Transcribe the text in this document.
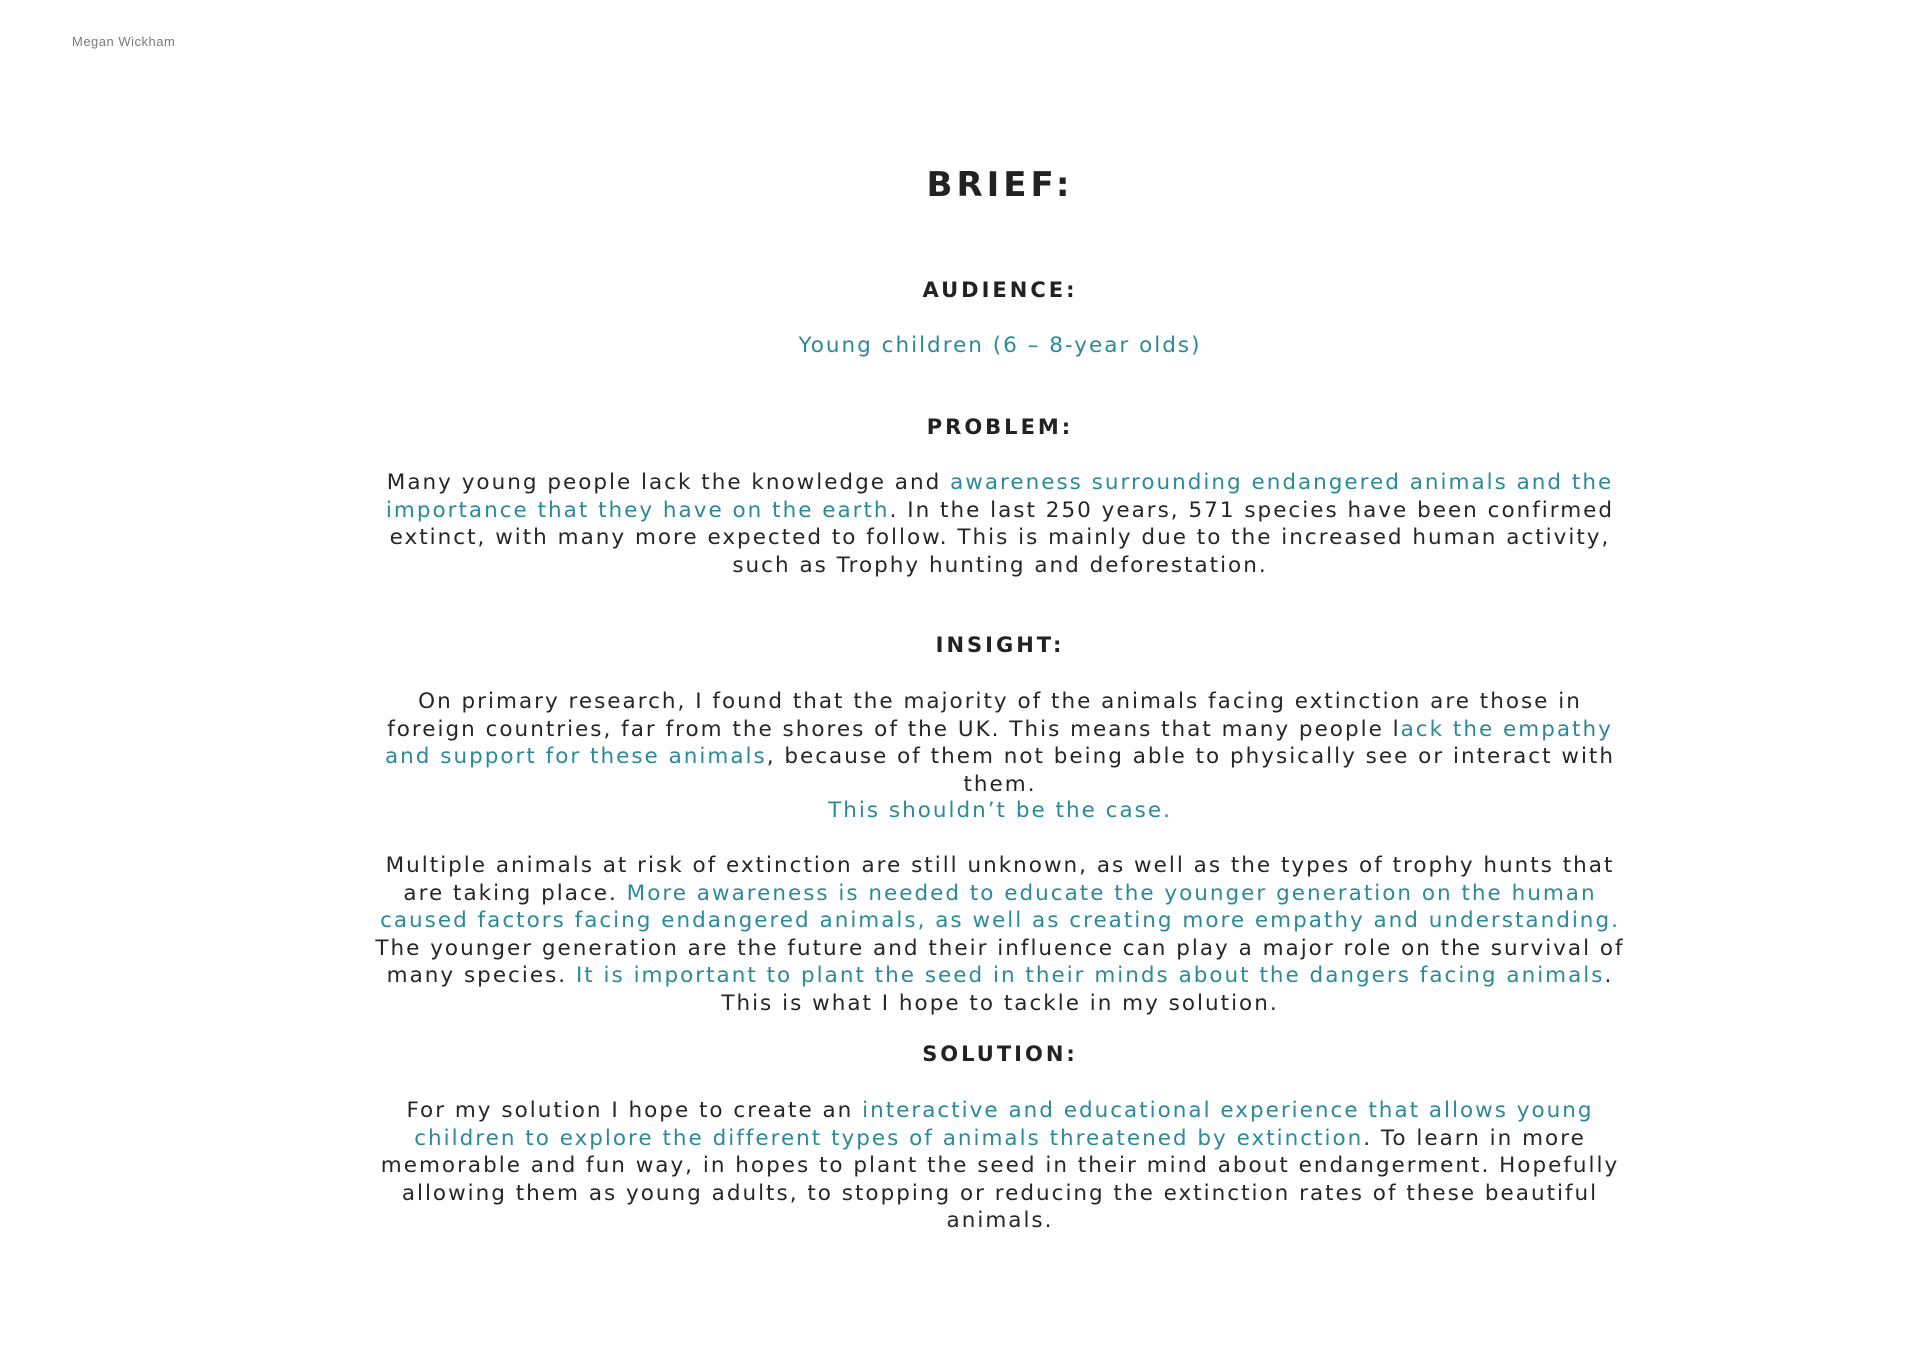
Megan Wickham
BRIEF:
AUDIENCE:

Young children (6 – 8-year olds)

PROBLEM:

Many young people lack the knowledge and awareness surrounding endangered animals and the importance that they have on the earth. In the last 250 years, 571 species have been confirmed extinct, with many more expected to follow. This is mainly due to the increased human activity, such as Trophy hunting and deforestation.

INSIGHT:

On primary research, I found that the majority of the animals facing extinction are those in foreign countries, far from the shores of the UK. This means that many people lack the empathy and support for these animals, because of them not being able to physically see or interact with them.

This shouldn’t be the case.

Multiple animals at risk of extinction are still unknown, as well as the types of trophy hunts that are taking place. More awareness is needed to educate the younger generation on the human caused factors facing endangered animals, as well as creating more empathy and understanding. The younger generation are the future and their influence can play a major role on the survival of many species. It is important to plant the seed in their minds about the dangers facing animals. This is what I hope to tackle in my solution.

SOLUTION:

For my solution I hope to create an interactive and educational experience that allows young children to explore the different types of animals threatened by extinction. To learn in more memorable and fun way, in hopes to plant the seed in their mind about endangerment. Hopefully allowing them as young adults, to stopping or reducing the extinction rates of these beautiful animals.
